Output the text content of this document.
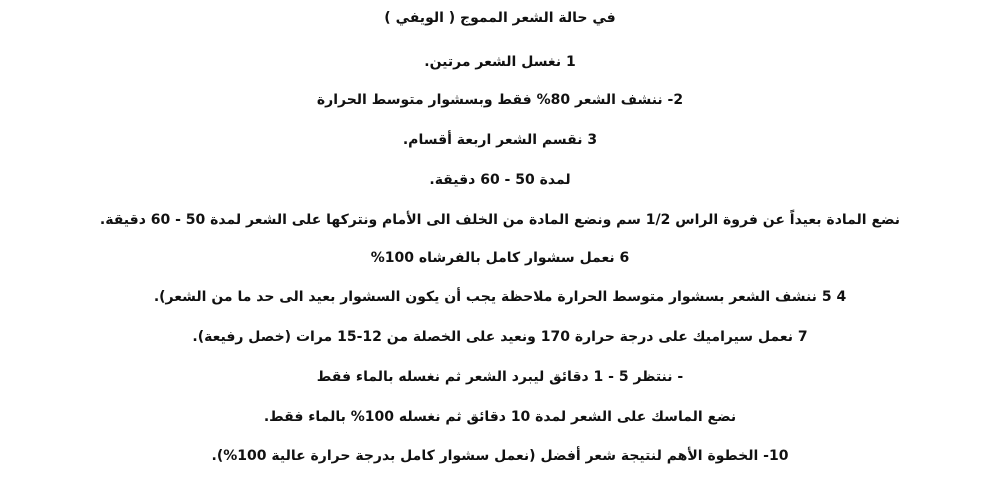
في حالة الشعر المموج ( الويفي )
1 نغسل الشعر مرتين.
2- ننشف الشعر 80% فقط وبسشوار متوسط الحرارة
3 نقسم الشعر اربعة أقسام.
لمدة 50 - 60 دقيقة.
نضع المادة بعيداً عن فروة الراس 1/2 سم ونضع المادة من الخلف الى الأمام ونتركها على الشعر لمدة 50 - 60 دقيقة.
6 نعمل سشوار كامل بالفرشاه 100%
4 5 ننشف الشعر بسشوار متوسط الحرارة ملاحظة يجب أن يكون السشوار بعيد الى حد ما من الشعر).
7 نعمل سيراميك على درجة حرارة 170 ونعيد على الخصلة من 12-15 مرات (خصل رفيعة).
- ننتظر 5 - 1 دقائق ليبرد الشعر ثم نغسله بالماء فقط
نضع الماسك على الشعر لمدة 10 دقائق ثم نغسله 100% بالماء فقط.
10- الخطوة الأهم لنتيجة شعر أفضل (نعمل سشوار كامل بدرجة حرارة عالية 100%).
